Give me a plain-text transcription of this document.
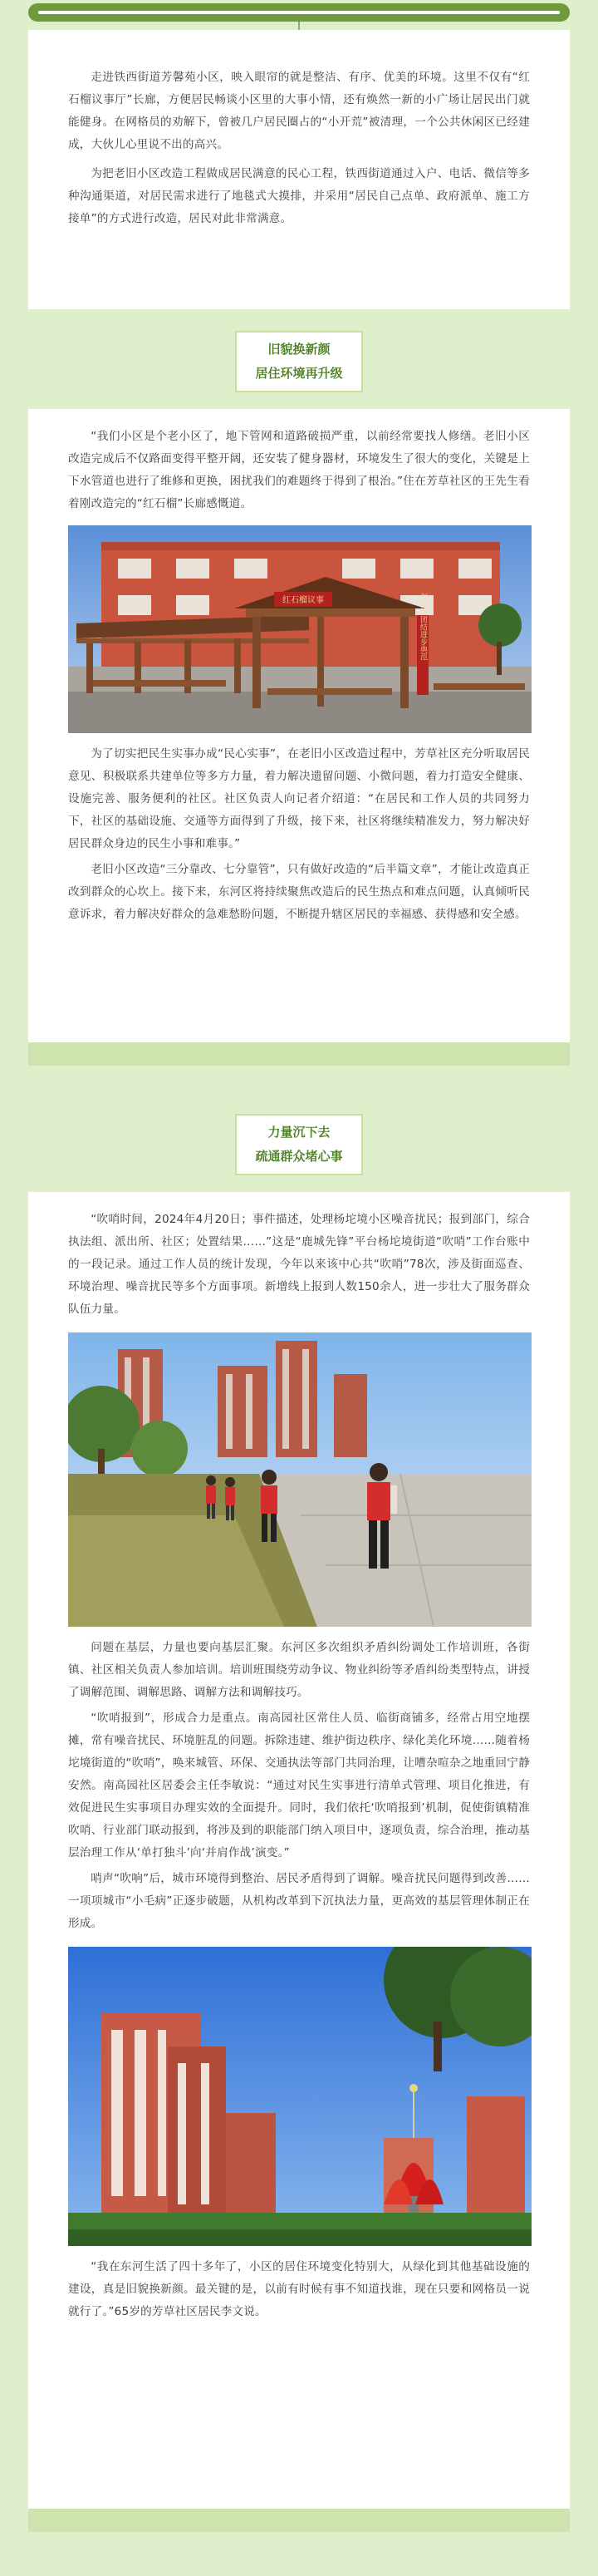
走进铁西街道芳馨苑小区，映入眼帘的就是整洁、有序、优美的环境。这里不仅有“红石榴议事厅”长廊，方便居民畅谈小区里的大事小情，还有焕然一新的小广场让居民出门就能健身。在网格员的劝解下，曾被几户居民圈占的“小开荒”被清理，一个公共休闲区已经建成，大伙儿心里说不出的高兴。

为把老旧小区改造工程做成居民满意的民心工程，铁西街道通过入户、电话、微信等多种沟通渠道，对居民需求进行了地毯式大摸排，并采用“居民自己点单、政府派单、施工方接单”的方式进行改造，居民对此非常满意。

旧貌换新颜
居住环境再升级

“我们小区是个老小区了，地下管网和道路破损严重，以前经常要找人修缮。老旧小区改造完成后不仅路面变得平整开阔，还安装了健身器材，环境发生了很大的变化，关键是上下水管道也进行了维修和更换，困扰我们的难题终于得到了根治。”住在芳草社区的王先生看着刚改造完的“红石榴”长廊感慨道。

红石榴议事	创民族团结进步典范

为了切实把民生实事办成“民心实事”，在老旧小区改造过程中，芳草社区充分听取居民意见、积极联系共建单位等多方力量，着力解决遗留问题、小微问题，着力打造安全健康、设施完善、服务便利的社区。社区负责人向记者介绍道：“在居民和工作人员的共同努力下，社区的基础设施、交通等方面得到了升级，接下来，社区将继续精准发力，努力解决好居民群众身边的民生小事和难事。”

老旧小区改造“三分靠改、七分靠管”，只有做好改造的“后半篇文章”，才能让改造真正改到群众的心坎上。接下来，东河区将持续聚焦改造后的民生热点和难点问题，认真倾听民意诉求，着力解决好群众的急难愁盼问题，不断提升辖区居民的幸福感、获得感和安全感。

力量沉下去
疏通群众堵心事

“吹哨时间，2024年4月20日；事件描述，处理杨坨境小区噪音扰民；报到部门，综合执法组、派出所、社区；处置结果……”这是“鹿城先锋”平台杨坨境街道“吹哨”工作台账中的一段记录。通过工作人员的统计发现，今年以来该中心共“吹哨”78次，涉及街面巡查、环境治理、噪音扰民等多个方面事项。新增线上报到人数150余人，进一步壮大了服务群众队伍力量。

问题在基层，力量也要向基层汇聚。东河区多次组织矛盾纠纷调处工作培训班，各街镇、社区相关负责人参加培训。培训班围绕劳动争议、物业纠纷等矛盾纠纷类型特点，讲授了调解范围、调解思路、调解方法和调解技巧。

“吹哨报到”，形成合力是重点。南高园社区常住人员、临街商铺多，经常占用空地摆摊，常有噪音扰民、环境脏乱的问题。拆除违建、维护街边秩序、绿化美化环境……随着杨坨境街道的“吹哨”，唤来城管、环保、交通执法等部门共同治理，让嘈杂喧杂之地重回宁静安然。南高园社区居委会主任李敏说：“通过对民生实事进行清单式管理、项目化推进，有效促进民生实事项目办理实效的全面提升。同时，我们依托‘吹哨报到’机制，促使街镇精准吹哨、行业部门联动报到，将涉及到的职能部门纳入项目中，逐项负责，综合治理，推动基层治理工作从‘单打独斗’向‘并肩作战’演变。”

哨声“吹响”后，城市环境得到整治、居民矛盾得到了调解。噪音扰民问题得到改善……一项项城市“小毛病”正逐步破题，从机构改革到下沉执法力量，更高效的基层管理体制正在形成。

“我在东河生活了四十多年了，小区的居住环境变化特别大，从绿化到其他基础设施的建设，真是旧貌换新颜。最关键的是，以前有时候有事不知道找谁，现在只要和网格员一说就行了。”65岁的芳草社区居民李文说。
